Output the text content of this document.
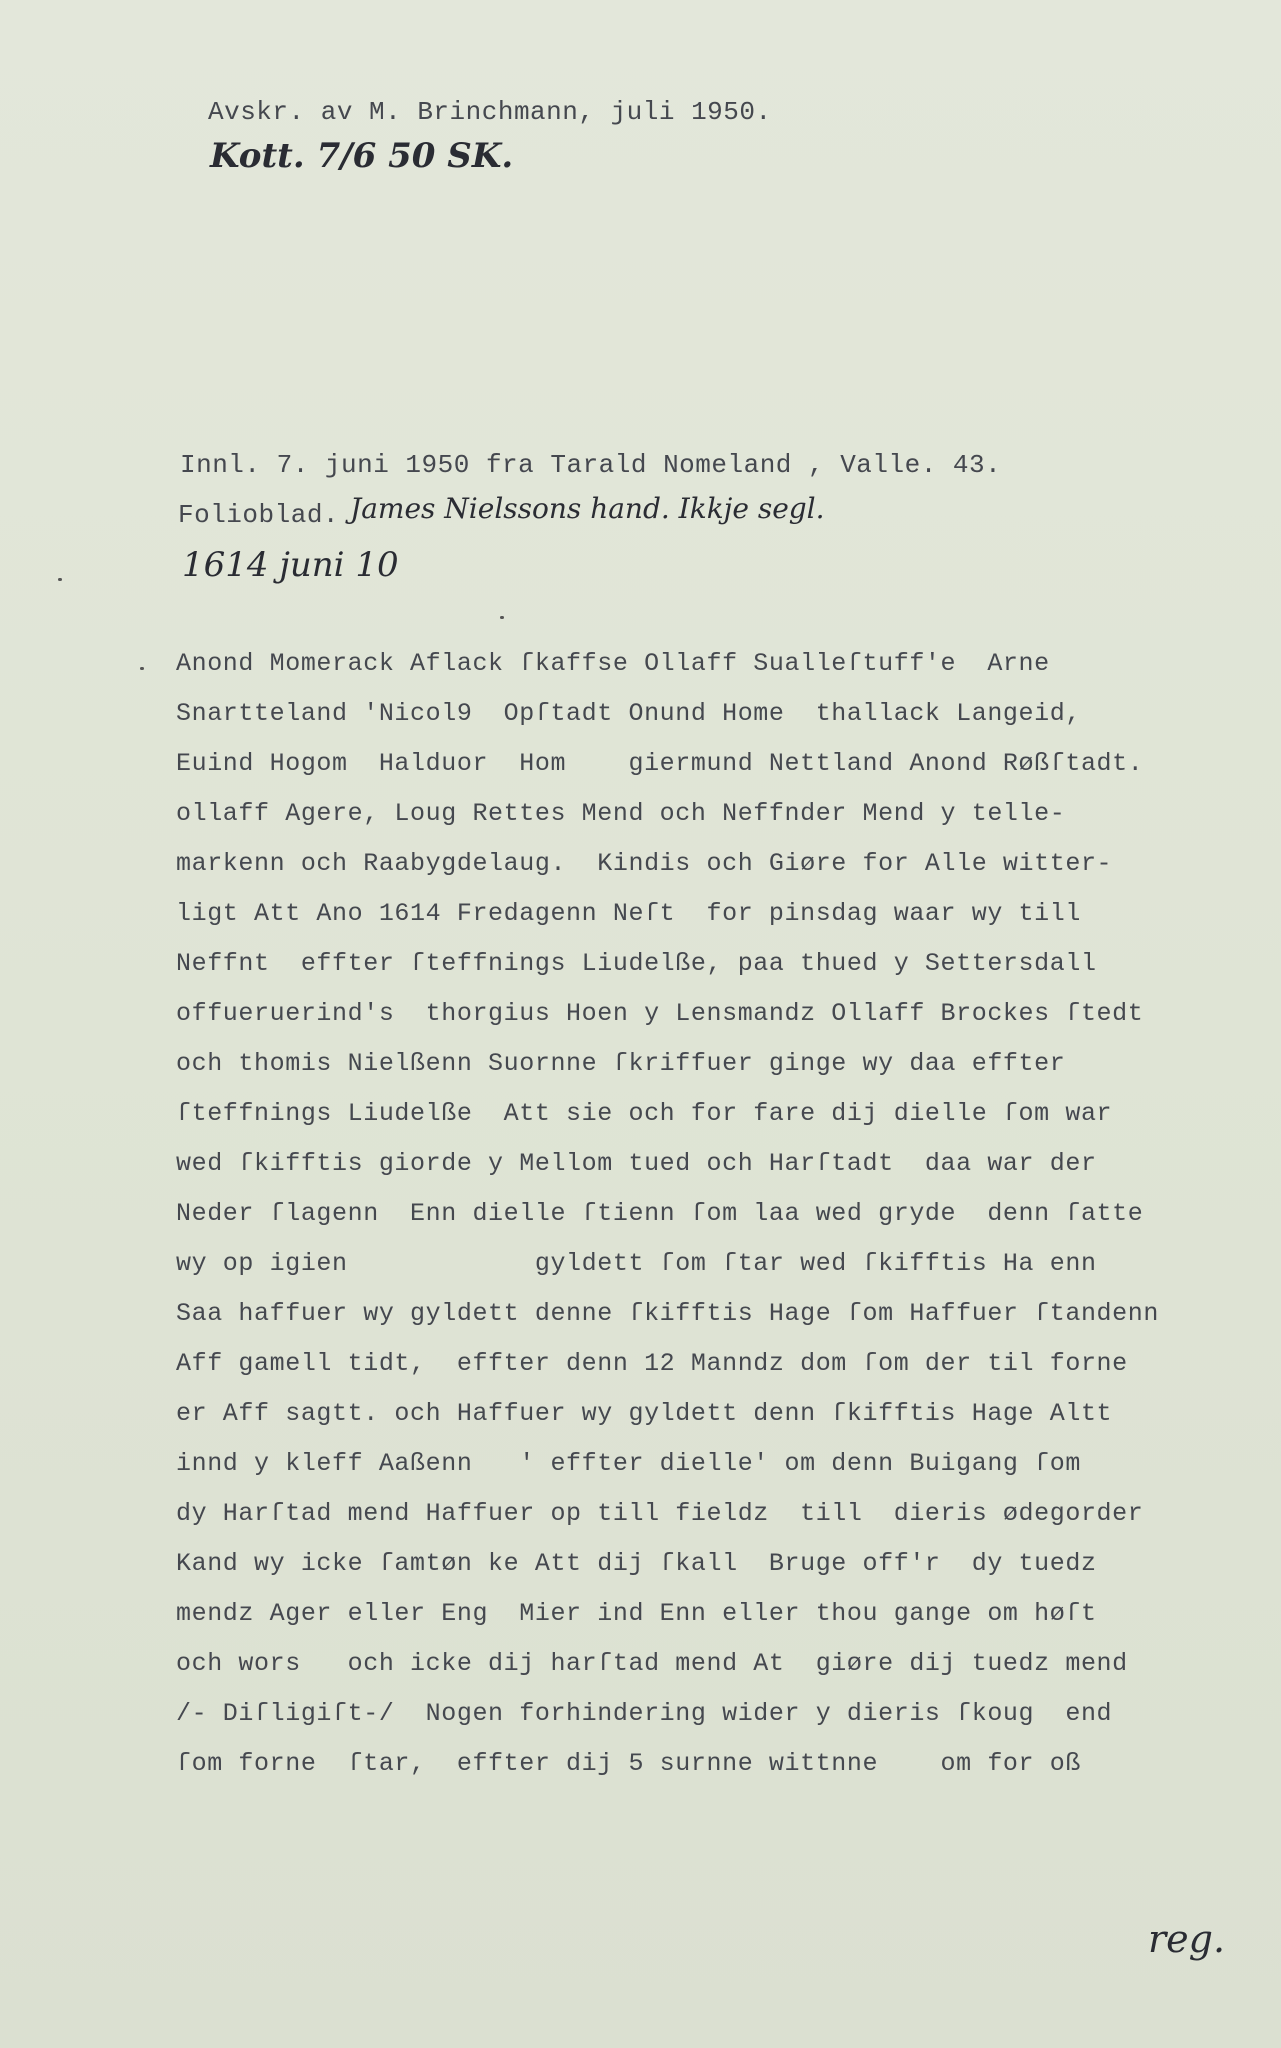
Avskr. av M. Brinchmann, juli 1950.
Kott. 7/6 50 SK.
Innl. 7. juni 1950 fra Tarald Nomeland , Valle. 43.
Folioblad. James Nielssons hand. Ikkje segl.
1614 juni 10
Anond Momerack Aflack ſkaffse Ollaff Sualleſtuff'e  Arne
Snartteland 'Nicol9  Opſtadt Onund Home  thallack Langeid,
Euind Hogom  Halduor  Hom    giermund Nettland Anond Røßſtadt.
ollaff Agere, Loug Rettes Mend och Neffnder Mend y telle-
markenn och Raabygdelaug.  Kindis och Giøre for Alle witter-
ligt Att Ano 1614 Fredagenn Neſt  for pinsdag waar wy till
Neffnt  effter ſteffnings Liudelße, paa thued y Settersdall
offueruerind's  thorgius Hoen y Lensmandz Ollaff Brockes ſtedt
och thomis Nielßenn Suornne ſkriffuer ginge wy daa effter
ſteffnings Liudelße  Att sie och for fare dij dielle ſom war
wed ſkifftis giorde y Mellom tued och Harſtadt  daa war der
Neder ſlagenn  Enn dielle ſtienn ſom laa wed gryde  denn ſatte
wy op igien            gyldett ſom ſtar wed ſkifftis Ha enn
Saa haffuer wy gyldett denne ſkifftis Hage ſom Haffuer ſtandenn
Aff gamell tidt,  effter denn 12 Manndz dom ſom der til forne
er Aff sagtt. och Haffuer wy gyldett denn ſkifftis Hage Altt
innd y kleff Aaßenn   ' effter dielle' om denn Buigang ſom
dy Harſtad mend Haffuer op till fieldz  till  dieris ødegorder
Kand wy icke ſamtøn ke Att dij ſkall  Bruge off'r  dy tuedz
mendz Ager eller Eng  Mier ind Enn eller thou gange om høſt
och wors   och icke dij harſtad mend At  giøre dij tuedz mend
/- Diſligiſt-/  Nogen forhindering wider y dieris ſkoug  end
ſom forne  ſtar,  effter dij 5 surnne wittnne    om for oß
reg.
